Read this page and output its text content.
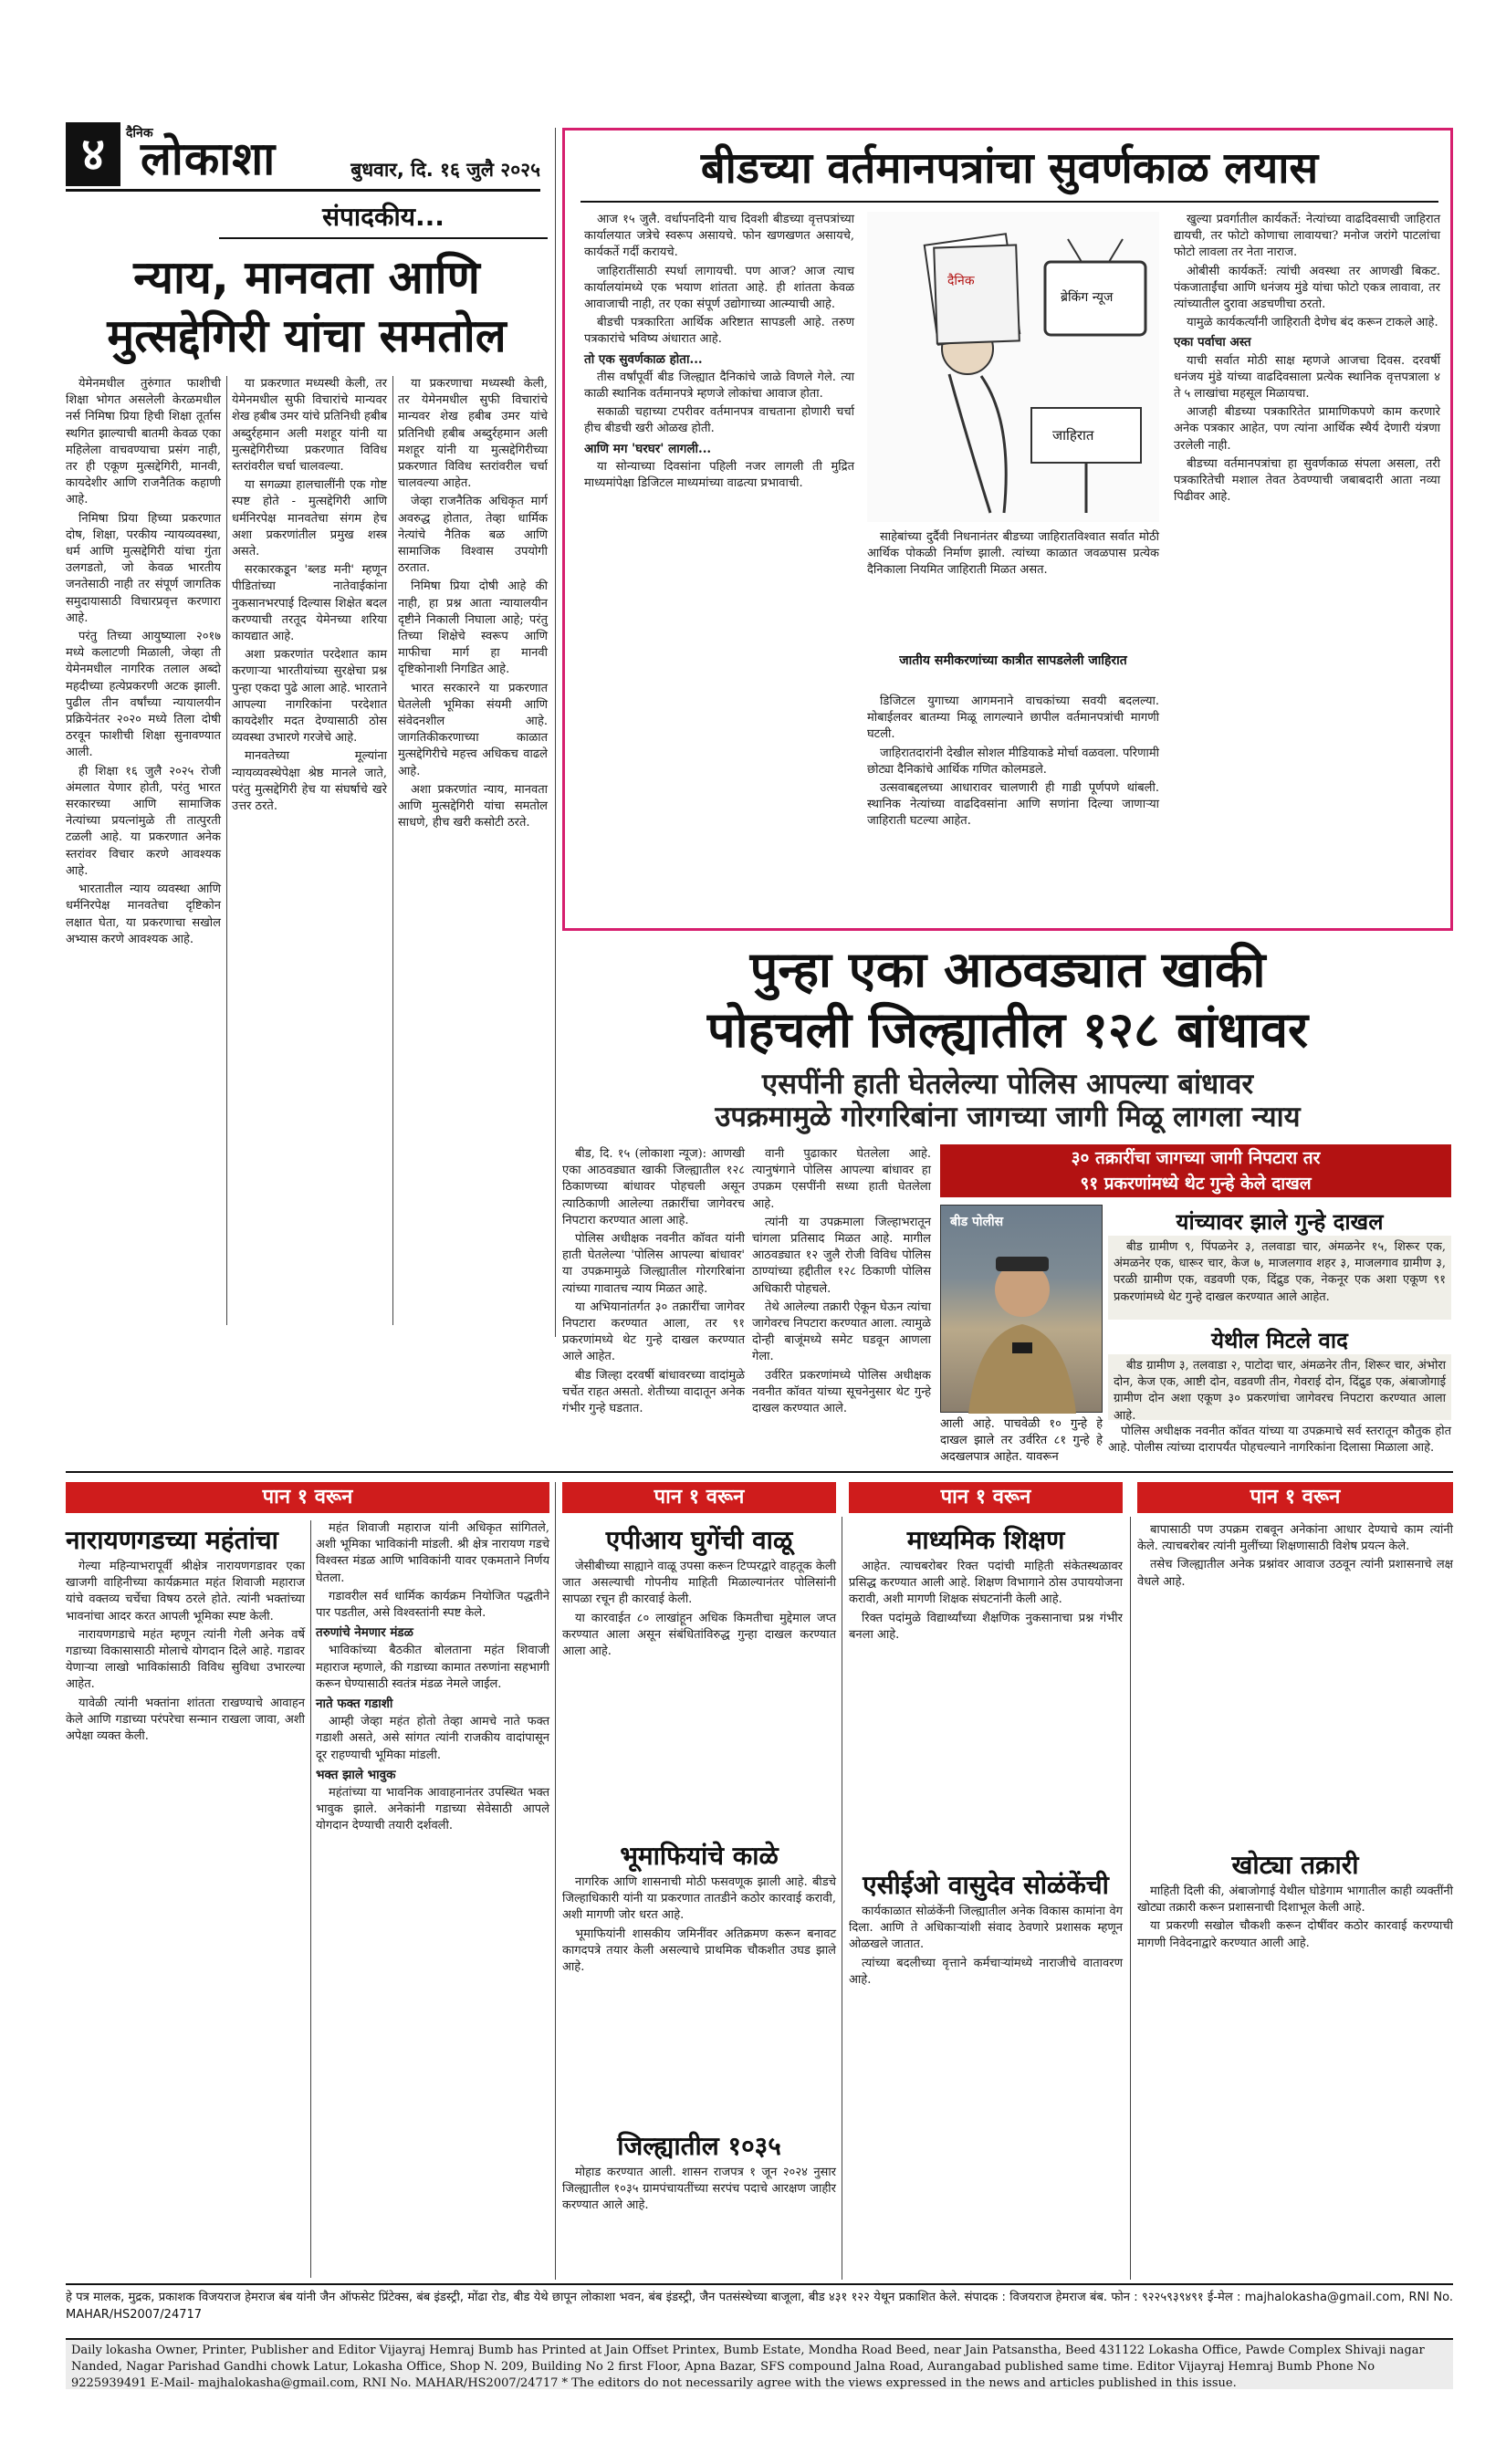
४	दैनिक
लोकाशा	बुधवार, दि. १६ जुलै २०२५
संपादकीय...
न्याय, मानवता आणि
मुत्सद्देगिरी यांचा समतोल

येमेनमधील तुरुंगात फाशीची शिक्षा भोगत असलेली केरळमधील नर्स निमिषा प्रिया हिची शिक्षा तूर्तास स्थगित झाल्याची बातमी केवळ एका महिलेला वाचवण्याचा प्रसंग नाही, तर ही एकूण मुत्सद्देगिरी, मानवी, कायदेशीर आणि राजनैतिक कहाणी आहे.

निमिषा प्रिया हिच्या प्रकरणात दोष, शिक्षा, परकीय न्यायव्यवस्था, धर्म आणि मुत्सद्देगिरी यांचा गुंता उलगडतो, जो केवळ भारतीय जनतेसाठी नाही तर संपूर्ण जागतिक समुदायासाठी विचारप्रवृत्त करणारा आहे.

परंतु तिच्या आयुष्याला २०१७ मध्ये कलाटणी मिळाली, जेव्हा ती येमेनमधील नागरिक तलाल अब्दो महदीच्या हत्येप्रकरणी अटक झाली. पुढील तीन वर्षांच्या न्यायालयीन प्रक्रियेनंतर २०२० मध्ये तिला दोषी ठरवून फाशीची शिक्षा सुनावण्यात आली.

ही शिक्षा १६ जुलै २०२५ रोजी अंमलात येणार होती, परंतु भारत सरकारच्या आणि सामाजिक नेत्यांच्या प्रयत्नांमुळे ती तात्पुरती टळली आहे. या प्रकरणात अनेक स्तरांवर विचार करणे आवश्यक आहे.

भारतातील न्याय व्यवस्था आणि धर्मनिरपेक्ष मानवतेचा दृष्टिकोन लक्षात घेता, या प्रकरणाचा सखोल अभ्यास करणे आवश्यक आहे.

या प्रकरणात मध्यस्थी केली, तर येमेनमधील सुफी विचारांचे मान्यवर शेख हबीब उमर यांचे प्रतिनिधी हबीब अब्दुर्रहमान अली मशहूर यांनी या मुत्सद्देगिरीच्या प्रकरणात विविध स्तरांवरील चर्चा चालवल्या.

या सगळ्या हालचालींनी एक गोष्ट स्पष्ट होते - मुत्सद्देगिरी आणि धर्मनिरपेक्ष मानवतेचा संगम हेच अशा प्रकरणांतील प्रमुख शस्त्र असते.

सरकारकडून 'ब्लड मनी' म्हणून पीडितांच्या नातेवाईकांना नुकसानभरपाई दिल्यास शिक्षेत बदल करण्याची तरतूद येमेनच्या शरिया कायद्यात आहे.

अशा प्रकरणांत परदेशात काम करणाऱ्या भारतीयांच्या सुरक्षेचा प्रश्न पुन्हा एकदा पुढे आला आहे. भारताने आपल्या नागरिकांना परदेशात कायदेशीर मदत देण्यासाठी ठोस व्यवस्था उभारणे गरजेचे आहे.

मानवतेच्या मूल्यांना न्यायव्यवस्थेपेक्षा श्रेष्ठ मानले जाते, परंतु मुत्सद्देगिरी हेच या संघर्षाचे खरे उत्तर ठरते.

या प्रकरणाचा मध्यस्थी केली, तर येमेनमधील सुफी विचारांचे मान्यवर शेख हबीब उमर यांचे प्रतिनिधी हबीब अब्दुर्रहमान अली मशहूर यांनी या मुत्सद्देगिरीच्या प्रकरणात विविध स्तरांवरील चर्चा चालवल्या आहेत.

जेव्हा राजनैतिक अधिकृत मार्ग अवरुद्ध होतात, तेव्हा धार्मिक नेत्यांचे नैतिक बळ आणि सामाजिक विश्वास उपयोगी ठरतात.

निमिषा प्रिया दोषी आहे की नाही, हा प्रश्न आता न्यायालयीन दृष्टीने निकाली निघाला आहे; परंतु तिच्या शिक्षेचे स्वरूप आणि माफीचा मार्ग हा मानवी दृष्टिकोनाशी निगडित आहे.

भारत सरकारने या प्रकरणात घेतलेली भूमिका संयमी आणि संवेदनशील आहे. जागतिकीकरणाच्या काळात मुत्सद्देगिरीचे महत्त्व अधिकच वाढले आहे.

अशा प्रकरणांत न्याय, मानवता आणि मुत्सद्देगिरी यांचा समतोल साधणे, हीच खरी कसोटी ठरते.

बीडच्या वर्तमानपत्रांचा सुवर्णकाळ लयास

आज १५ जुलै. वर्धापनदिनी याच दिवशी बीडच्या वृत्तपत्रांच्या कार्यालयात जत्रेचे स्वरूप असायचे. फोन खणखणत असायचे, कार्यकर्ते गर्दी करायचे.

जाहिरातींसाठी स्पर्धा लागायची. पण आज? आज त्याच कार्यालयांमध्ये एक भयाण शांतता आहे. ही शांतता केवळ आवाजाची नाही, तर एका संपूर्ण उद्योगाच्या आत्म्याची आहे.

बीडची पत्रकारिता आर्थिक अरिष्टात सापडली आहे. तरुण पत्रकारांचे भविष्य अंधारात आहे.

तो एक सुवर्णकाळ होता...

तीस वर्षांपूर्वी बीड जिल्ह्यात दैनिकांचे जाळे विणले गेले. त्या काळी स्थानिक वर्तमानपत्रे म्हणजे लोकांचा आवाज होता.

सकाळी चहाच्या टपरीवर वर्तमानपत्र वाचताना होणारी चर्चा हीच बीडची खरी ओळख होती.

आणि मग 'घरघर' लागली...

या सोन्याच्या दिवसांना पहिली नजर लागली ती मुद्रित माध्यमांपेक्षा डिजिटल माध्यमांच्या वाढत्या प्रभावाची.

दैनिक
ब्रेकिंग न्यूज
जाहिरात

साहेबांच्या दुर्दैवी निधनानंतर बीडच्या जाहिरातविश्वात सर्वात मोठी आर्थिक पोकळी निर्माण झाली. त्यांच्या काळात जवळपास प्रत्येक दैनिकाला नियमित जाहिराती मिळत असत.

जातीय समीकरणांच्या कात्रीत सापडलेली जाहिरात

डिजिटल युगाच्या आगमनाने वाचकांच्या सवयी बदलल्या. मोबाईलवर बातम्या मिळू लागल्याने छापील वर्तमानपत्रांची मागणी घटली.

जाहिरातदारांनी देखील सोशल मीडियाकडे मोर्चा वळवला. परिणामी छोट्या दैनिकांचे आर्थिक गणित कोलमडले.

उत्सवाबद्दलच्या आधारावर चालणारी ही गाडी पूर्णपणे थांबली. स्थानिक नेत्यांच्या वाढदिवसांना आणि सणांना दिल्या जाणाऱ्या जाहिराती घटल्या आहेत.

खुल्या प्रवर्गातील कार्यकर्ते: नेत्यांच्या वाढदिवसाची जाहिरात द्यायची, तर फोटो कोणाचा लावायचा? मनोज जरांगे पाटलांचा फोटो लावला तर नेता नाराज.

ओबीसी कार्यकर्ते: त्यांची अवस्था तर आणखी बिकट. पंकजाताईंचा आणि धनंजय मुंडे यांचा फोटो एकत्र लावावा, तर त्यांच्यातील दुरावा अडचणीचा ठरतो.

यामुळे कार्यकर्त्यांनी जाहिराती देणेच बंद करून टाकले आहे.

एका पर्वाचा अस्त

याची सर्वात मोठी साक्ष म्हणजे आजचा दिवस. दरवर्षी धनंजय मुंडे यांच्या वाढदिवसाला प्रत्येक स्थानिक वृत्तपत्राला ४ ते ५ लाखांचा महसूल मिळायचा.

आजही बीडच्या पत्रकारितेत प्रामाणिकपणे काम करणारे अनेक पत्रकार आहेत, पण त्यांना आर्थिक स्थैर्य देणारी यंत्रणा उरलेली नाही.

बीडच्या वर्तमानपत्रांचा हा सुवर्णकाळ संपला असला, तरी पत्रकारितेची मशाल तेवत ठेवण्याची जबाबदारी आता नव्या पिढीवर आहे.

पुन्हा एका आठवड्यात खाकी
पोहचली जिल्ह्यातील १२८ बांधावर
एसपींनी हाती घेतलेल्या पोलिस आपल्या बांधावर
उपक्रमामुळे गोरगरिबांना जागच्या जागी मिळू लागला न्याय

बीड, दि. १५ (लोकाशा न्यूज): आणखी एका आठवड्यात खाकी जिल्ह्यातील १२८ ठिकाणच्या बांधावर पोहचली असून त्याठिकाणी आलेल्या तक्रारींचा जागेवरच निपटारा करण्यात आला आहे.

पोलिस अधीक्षक नवनीत कॉवत यांनी हाती घेतलेल्या 'पोलिस आपल्या बांधावर' या उपक्रमामुळे जिल्ह्यातील गोरगरिबांना त्यांच्या गावातच न्याय मिळत आहे.

या अभियानांतर्गत ३० तक्रारींचा जागेवर निपटारा करण्यात आला, तर ९१ प्रकरणांमध्ये थेट गुन्हे दाखल करण्यात आले आहेत.

बीड जिल्हा दरवर्षी बांधावरच्या वादांमुळे चर्चेत राहत असतो. शेतीच्या वादातून अनेक गंभीर गुन्हे घडतात.

वानी पुढाकार घेतलेला आहे. त्यानुषंगाने पोलिस आपल्या बांधावर हा उपक्रम एसपींनी सध्या हाती घेतलेला आहे.

त्यांनी या उपक्रमाला जिल्हाभरातून चांगला प्रतिसाद मिळत आहे. मागील आठवड्यात १२ जुलै रोजी विविध पोलिस ठाण्यांच्या हद्दीतील १२८ ठिकाणी पोलिस अधिकारी पोहचले.

तेथे आलेल्या तक्रारी ऐकून घेऊन त्यांचा जागेवरच निपटारा करण्यात आला. त्यामुळे दोन्ही बाजूंमध्ये समेट घडवून आणला गेला.

उर्वरित प्रकरणांमध्ये पोलिस अधीक्षक नवनीत कॉवत यांच्या सूचनेनुसार थेट गुन्हे दाखल करण्यात आले.

३० तक्रारींचा जागच्या जागी निपटारा तर
९१ प्रकरणांमध्ये थेट गुन्हे केले दाखल
बीड पोलीस
आली आहे. पाचवेळी १० गुन्हे हे दाखल झाले तर उर्वरित ८१ गुन्हे हे अदखलपात्र आहेत. यावरून
यांच्यावर झाले गुन्हे दाखल

बीड ग्रामीण ९, पिंपळनेर ३, तलवाडा चार, अंमळनेर १५, शिरूर एक, अंमळनेर एक, धारूर चार, केज ७, माजलगाव शहर ३, माजलगाव ग्रामीण ३, परळी ग्रामीण एक, वडवणी एक, दिंद्रुड एक, नेकनूर एक अशा एकूण ९१ प्रकरणांमध्ये थेट गुन्हे दाखल करण्यात आले आहेत.

येथील मिटले वाद

बीड ग्रामीण ३, तलवाडा २, पाटोदा चार, अंमळनेर तीन, शिरूर चार, अंभोरा दोन, केज एक, आष्टी दोन, वडवणी तीन, गेवराई दोन, दिंद्रुड एक, अंबाजोगाई ग्रामीण दोन अशा एकूण ३० प्रकरणांचा जागेवरच निपटारा करण्यात आला आहे.

पोलिस अधीक्षक नवनीत कॉवत यांच्या या उपक्रमाचे सर्व स्तरातून कौतुक होत आहे. पोलीस त्यांच्या दारापर्यंत पोहचल्याने नागरिकांना दिलासा मिळाला आहे.

पान १ वरून	पान १ वरून	पान १ वरून	पान १ वरून
नारायणगडच्या महंतांचा

गेल्या महिन्याभरापूर्वी श्रीक्षेत्र नारायणगडावर एका खाजगी वाहिनीच्या कार्यक्रमात महंत शिवाजी महाराज यांचे वक्तव्य चर्चेचा विषय ठरले होते. त्यांनी भक्तांच्या भावनांचा आदर करत आपली भूमिका स्पष्ट केली.

नारायणगडाचे महंत म्हणून त्यांनी गेली अनेक वर्षे गडाच्या विकासासाठी मोलाचे योगदान दिले आहे. गडावर येणाऱ्या लाखो भाविकांसाठी विविध सुविधा उभारल्या आहेत.

यावेळी त्यांनी भक्तांना शांतता राखण्याचे आवाहन केले आणि गडाच्या परंपरेचा सन्मान राखला जावा, अशी अपेक्षा व्यक्त केली.

महंत शिवाजी महाराज यांनी अधिकृत सांगितले, अशी भूमिका भाविकांनी मांडली. श्री क्षेत्र नारायण गडचे विश्वस्त मंडळ आणि भाविकांनी यावर एकमताने निर्णय घेतला.

गडावरील सर्व धार्मिक कार्यक्रम नियोजित पद्धतीने पार पडतील, असे विश्वस्तांनी स्पष्ट केले.

तरुणांचे नेमणार मंडळ

भाविकांच्या बैठकीत बोलताना महंत शिवाजी महाराज म्हणाले, की गडाच्या कामात तरुणांना सहभागी करून घेण्यासाठी स्वतंत्र मंडळ नेमले जाईल.

नाते फक्त गडाशी

आम्ही जेव्हा महंत होतो तेव्हा आमचे नाते फक्त गडाशी असते, असे सांगत त्यांनी राजकीय वादांपासून दूर राहण्याची भूमिका मांडली.

भक्त झाले भावुक

महंतांच्या या भावनिक आवाहनानंतर उपस्थित भक्त भावुक झाले. अनेकांनी गडाच्या सेवेसाठी आपले योगदान देण्याची तयारी दर्शवली.

एपीआय घुगेंची वाळू

जेसीबीच्या साह्याने वाळू उपसा करून टिप्परद्वारे वाहतूक केली जात असल्याची गोपनीय माहिती मिळाल्यानंतर पोलिसांनी सापळा रचून ही कारवाई केली.

या कारवाईत ८० लाखांहून अधिक किमतीचा मुद्देमाल जप्त करण्यात आला असून संबंधितांविरुद्ध गुन्हा दाखल करण्यात आला आहे.

भूमाफियांचे काळे

नागरिक आणि शासनाची मोठी फसवणूक झाली आहे. बीडचे जिल्हाधिकारी यांनी या प्रकरणात तातडीने कठोर कारवाई करावी, अशी मागणी जोर धरत आहे.

भूमाफियांनी शासकीय जमिनींवर अतिक्रमण करून बनावट कागदपत्रे तयार केली असल्याचे प्राथमिक चौकशीत उघड झाले आहे.

जिल्ह्यातील १०३५

मोहाड करण्यात आली. शासन राजपत्र १ जून २०२४ नुसार जिल्ह्यातील १०३५ ग्रामपंचायतींच्या सरपंच पदाचे आरक्षण जाहीर करण्यात आले आहे.

माध्यमिक शिक्षण

आहेत. त्याचबरोबर रिक्त पदांची माहिती संकेतस्थळावर प्रसिद्ध करण्यात आली आहे. शिक्षण विभागाने ठोस उपाययोजना करावी, अशी मागणी शिक्षक संघटनांनी केली आहे.

रिक्त पदांमुळे विद्यार्थ्यांच्या शैक्षणिक नुकसानाचा प्रश्न गंभीर बनला आहे.

एसीईओ वासुदेव सोळंकेंची

कार्यकाळात सोळंकेंनी जिल्ह्यातील अनेक विकास कामांना वेग दिला. आणि ते अधिकाऱ्यांशी संवाद ठेवणारे प्रशासक म्हणून ओळखले जातात.

त्यांच्या बदलीच्या वृत्ताने कर्मचाऱ्यांमध्ये नाराजीचे वातावरण आहे.

बापासाठी पण उपक्रम राबवून अनेकांना आधार देण्याचे काम त्यांनी केले. त्याचबरोबर त्यांनी मुलींच्या शिक्षणासाठी विशेष प्रयत्न केले.

तसेच जिल्ह्यातील अनेक प्रश्नांवर आवाज उठवून त्यांनी प्रशासनाचे लक्ष वेधले आहे.

खोट्या तक्रारी

माहिती दिली की, अंबाजोगाई येथील घोडेगाम भागातील काही व्यक्तींनी खोट्या तक्रारी करून प्रशासनाची दिशाभूल केली आहे.

या प्रकरणी सखोल चौकशी करून दोषींवर कठोर कारवाई करण्याची मागणी निवेदनाद्वारे करण्यात आली आहे.

हे पत्र मालक, मुद्रक, प्रकाशक विजयराज हेमराज बंब यांनी जैन ऑफसेट प्रिंटेक्स, बंब इंडस्ट्री, मोंढा रोड, बीड येथे छापून लोकाशा भवन, बंब इंडस्ट्री, जैन पतसंस्थेच्या बाजूला, बीड ४३१ १२२ येथून प्रकाशित केले. संपादक : विजयराज हेमराज बंब. फोन : ९२२५९३९४९१ ई-मेल : majhalokasha@gmail.com, RNI No. MAHAR/HS2007/24717
Daily lokasha Owner, Printer, Publisher and Editor Vijayraj Hemraj Bumb has Printed at Jain Offset Printex, Bumb Estate, Mondha Road Beed, near Jain Patsanstha, Beed 431122 Lokasha Office, Pawde Complex Shivaji nagar Nanded, Nagar Parishad Gandhi chowk Latur, Lokasha Office, Shop N. 209, Building No 2 first Floor, Apna Bazar, SFS compound Jalna Road, Aurangabad published same time. Editor Vijayraj Hemraj Bumb Phone No 9225939491 E-Mail- majhalokasha@gmail.com, RNI No. MAHAR/HS2007/24717 * The editors do not necessarily agree with the views expressed in the news and articles published in this issue.
